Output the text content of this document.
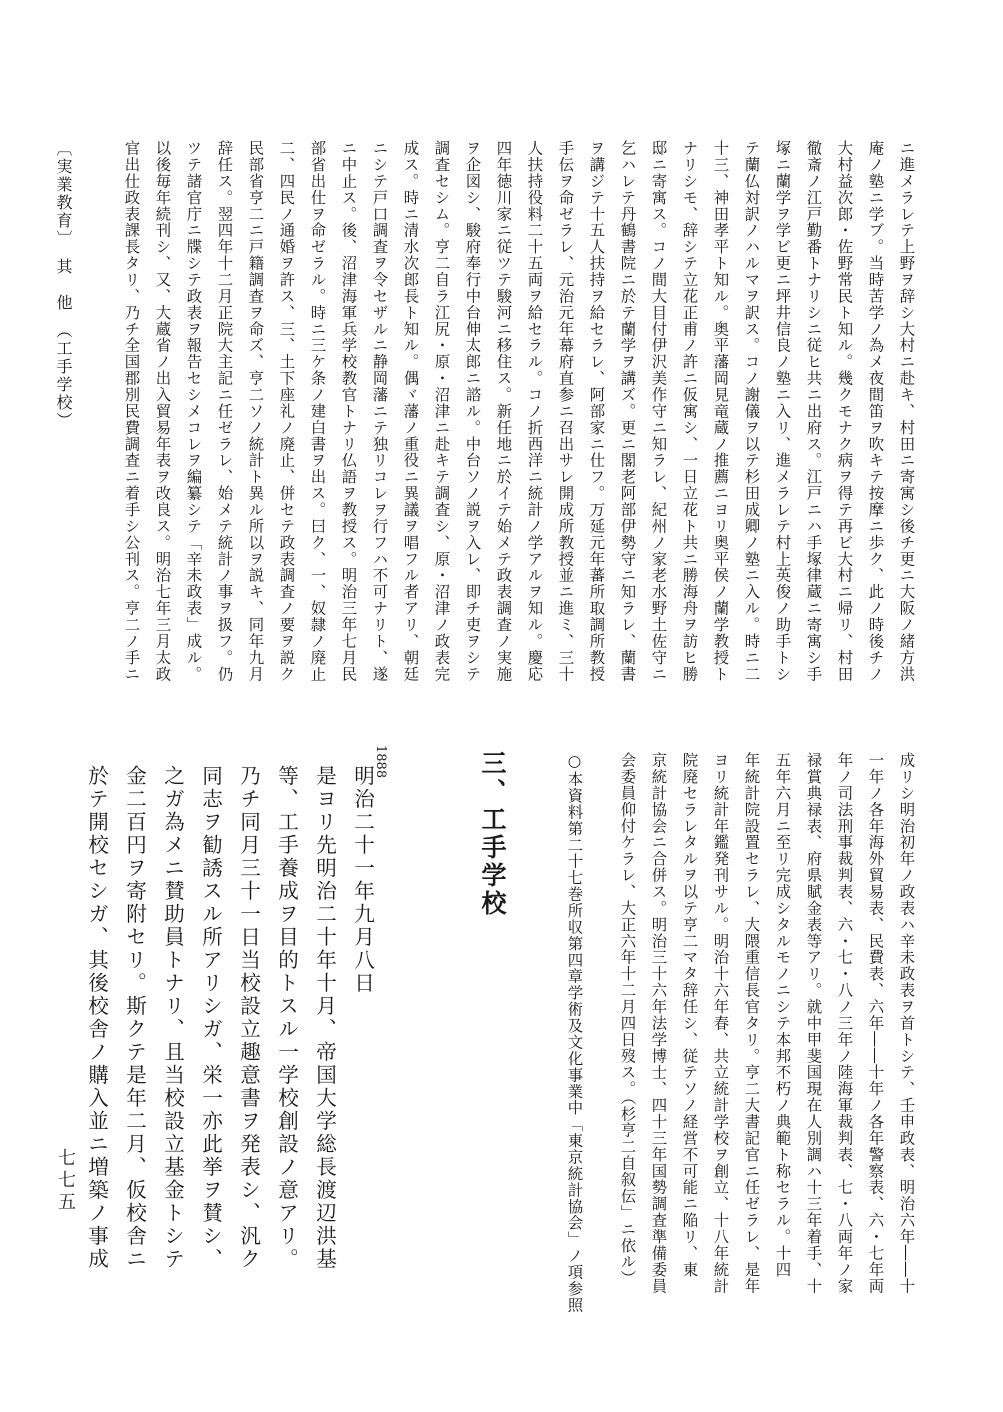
〔実業教育〕　其　他　（工手学校）	ニ進メラレテ上野ヲ辞シ大村ニ赴キ、村田ニ寄寓シ後チ更ニ大阪ノ緒方洪
庵ノ塾ニ学ブ。当時苦学ノ為メ夜間笛ヲ吹キテ按摩ニ歩ク、此ノ時後チノ
大村益次郎・佐野常民ト知ル。幾クモナク病ヲ得テ再ビ大村ニ帰リ、村田
徹斎ノ江戸勤番トナリシニ従ヒ共ニ出府ス。江戸ニハ手塚律蔵ニ寄寓シ手
塚ニ蘭学ヲ学ビ更ニ坪井信良ノ塾ニ入リ、進メラレテ村上英俊ノ助手トシ
テ蘭仏対訳ノハルマヲ訳ス。コノ謝儀ヲ以テ杉田成卿ノ塾ニ入ル。時ニ二
十三、神田孝平ト知ル。奥平藩岡見竜蔵ノ推薦ニヨリ奥平侯ノ蘭学教授ト
ナリシモ、辞シテ立花正甫ノ許ニ仮寓シ、一日立花ト共ニ勝海舟ヲ訪ヒ勝
邸ニ寄寓ス。コノ間大目付伊沢美作守ニ知ラレ、紀州ノ家老水野土佐守ニ
乞ハレテ丹鶴書院ニ於テ蘭学ヲ講ズ。更ニ閣老阿部伊勢守ニ知ラレ、蘭書
ヲ講ジテ十五人扶持ヲ給セラレ、阿部家ニ仕フ。万延元年蕃所取調所教授
手伝ヲ命ゼラレ、元治元年幕府直参ニ召出サレ開成所教授並ニ進ミ、三十
人扶持役料二十五両ヲ給セラル。コノ折西洋ニ統計ノ学アルヲ知ル。慶応
四年徳川家ニ従ツテ駿河ニ移住ス。新任地ニ於イテ始メテ政表調査ノ実施
ヲ企図シ、駿府奉行中台伸太郎ニ諮ル。中台ソノ説ヲ入レ、即チ吏ヲシテ
調査セシム。亨二自ラ江尻・原・沼津ニ赴キテ調査シ、原・沼津ノ政表完
成ス。時ニ清水次郎長ト知ル。偶ヾ藩ノ重役ニ異議ヲ唱フル者アリ、朝廷
ニシテ戸口調査ヲ令セザルニ静岡藩ニテ独リコレヲ行フハ不可ナリト、遂
ニ中止ス。後、沼津海軍兵学校教官トナリ仏語ヲ教授ス。明治三年七月民
部省出仕ヲ命ゼラル。時ニ三ケ条ノ建白書ヲ出ス。曰ク、一、奴隷ノ廃止
二、四民ノ通婚ヲ許ス、三、土下座礼ノ廃止、併セテ政表調査ノ要ヲ説ク
民部省亨二ニ戸籍調査ヲ命ズ、亨二ソノ統計ト異ル所以ヲ説キ、同年九月
辞任ス。翌四年十二月正院大主記ニ任ゼラレ、始メテ統計ノ事ヲ扱フ。仍
ツテ諸官庁ニ牒シテ政表ヲ報告セシメコレヲ編纂シテ「辛未政表」成ル。
以後毎年続刊シ、又、大蔵省ノ出入貿易年表ヲ改良ス。明治七年三月太政
官出仕政表課長タリ、乃チ全国郡別民費調査ニ着手シ公刊ス。亨二ノ手ニ
成リシ明治初年ノ政表ハ辛未政表ヲ首トシテ、壬申政表、明治六年――十
一年ノ各年海外貿易表、民費表、六年――十年ノ各年警察表、六・七年両
年ノ司法刑事裁判表、六・七・八ノ三年ノ陸海軍裁判表、七・八両年ノ家
禄賞典禄表、府県賦金表等アリ。就中甲斐国現在人別調ハ十三年着手、十
五年六月ニ至リ完成シタルモノニシテ本邦不朽ノ典範ト称セラル。十四
年統計院設置セラレ、大隈重信長官タリ。亨二大書記官ニ任ゼラレ、是年
ヨリ統計年鑑発刊サル。明治十六年春、共立統計学校ヲ創立、十八年統計
院廃セラレタルヲ以テ亨二マタ辞任シ、従テソノ経営不可能ニ陥リ、東
京統計協会ニ合併ス。明治三十六年法学博士、四十三年国勢調査準備委員
会委員仰付ケラレ、大正六年十二月四日歿ス。（杉亨二自叙伝」ニ依ル）
○本資料第二十七巻所収第四章学術及文化事業中「東京統計協会」ノ項参照
三、工手学校
1888
明治二十一年九月八日
是ヨリ先明治二十年十月、帝国大学総長渡辺洪基
等、工手養成ヲ目的トスル一学校創設ノ意アリ。
乃チ同月三十一日当校設立趣意書ヲ発表シ、汎ク
同志ヲ勧誘スル所アリシガ、栄一亦此挙ヲ賛シ、
之ガ為メニ賛助員トナリ、且当校設立基金トシテ
金二百円ヲ寄附セリ。斯クテ是年二月、仮校舎ニ
於テ開校セシガ、其後校舎ノ購入並ニ増築ノ事成
七七五
